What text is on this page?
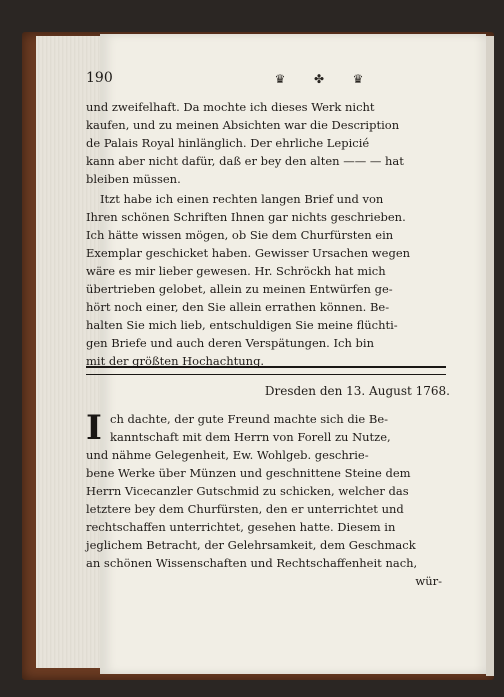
190	♛ ✤ ♛
und zweifelhaft. Da mochte ich dieses Werk nicht
kaufen, und zu meinen Absichten war die Description
de Palais Royal hinlänglich. Der ehrliche Lepicié
kann aber nicht dafür, daß er bey den alten —— — hat
bleiben müssen.
Itzt habe ich einen rechten langen Brief und von
Ihren schönen Schriften Ihnen gar nichts geschrieben.
Ich hätte wissen mögen, ob Sie dem Churfürsten ein
Exemplar geschicket haben. Gewisser Ursachen wegen
wäre es mir lieber gewesen. Hr. Schröckh hat mich
übertrieben gelobet, allein zu meinen Entwürfen ge-
hört noch einer, den Sie allein errathen können. Be-
halten Sie mich lieb, entschuldigen Sie meine flüchti-
gen Briefe und auch deren Verspätungen. Ich bin
mit der größten Hochachtung.
Dresden den 13. August 1768.
I ch dachte, der gute Freund machte sich die Be-
kanntschaft mit dem Herrn von Forell zu Nutze,
und nähme Gelegenheit, Ew. Wohlgeb. geschrie-
bene Werke über Münzen und geschnittene Steine dem
Herrn Vicecanzler Gutschmid zu schicken, welcher das
letztere bey dem Churfürsten, den er unterrichtet und
rechtschaffen unterrichtet, gesehen hatte. Diesem in
jeglichem Betracht, der Gelehrsamkeit, dem Geschmack
an schönen Wissenschaften und Rechtschaffenheit nach,
wür-
